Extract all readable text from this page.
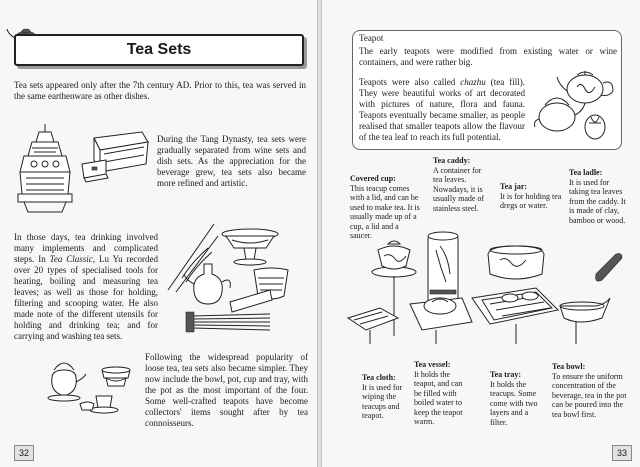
Tea Sets
Tea sets appeared only after the 7th century AD. Prior to this, tea was served in the same earthenware as other dishes.
During the Tang Dynasty, tea sets were gradually separated from wine sets and dish sets. As the appreciation for the beverage grew, tea sets also became more refined and artistic.
In those days, tea drinking involved many implements and complicated steps. In Tea Classic, Lu Yu recorded over 20 types of specialised tools for heating, boiling and measuring tea leaves; as well as those for holding, filtering and scooping water. He also made note of the different utensils for holding and drinking tea; and for carrying and washing tea sets.
Following the widespread popularity of loose tea, tea sets also became simpler. They now include the bowl, pot, cup and tray, with the pot as the most important of the four. Some well-crafted teapots have become collectors' items sought after by tea connoisseurs.
32
Teapot
The early teapots were modified from existing water or wine containers, and were rather big.
Teapots were also called chazhu (tea fill). They were beautiful works of art decorated with pictures of nature, flora and fauna. Teapots eventually became smaller, as people realised that smaller teapots allow the flavour of the tea leaf to reach its full potential.
Covered cup:
This teacup comes with a lid, and can be used to make tea. It is usually made up of a cup, a lid and a saucer.
Tea caddy:
A container for tea leaves. Nowadays, it is usually made of stainless steel.
Tea jar:
It is for holding tea dregs or water.
Tea ladle:
It is used for taking tea leaves from the caddy. It is made of clay, bamboo or wood.
Tea cloth:
It is used for wiping the teacups and teapot.
Tea vessel:
It holds the teapot, and can be filled with boiled water to keep the teapot warm.
Tea tray:
It holds the teacups. Some come with two layers and a filter.
Tea bowl:
To ensure the uniform concentration of the beverage, tea in the pot can be poured into the tea bowl first.
33
